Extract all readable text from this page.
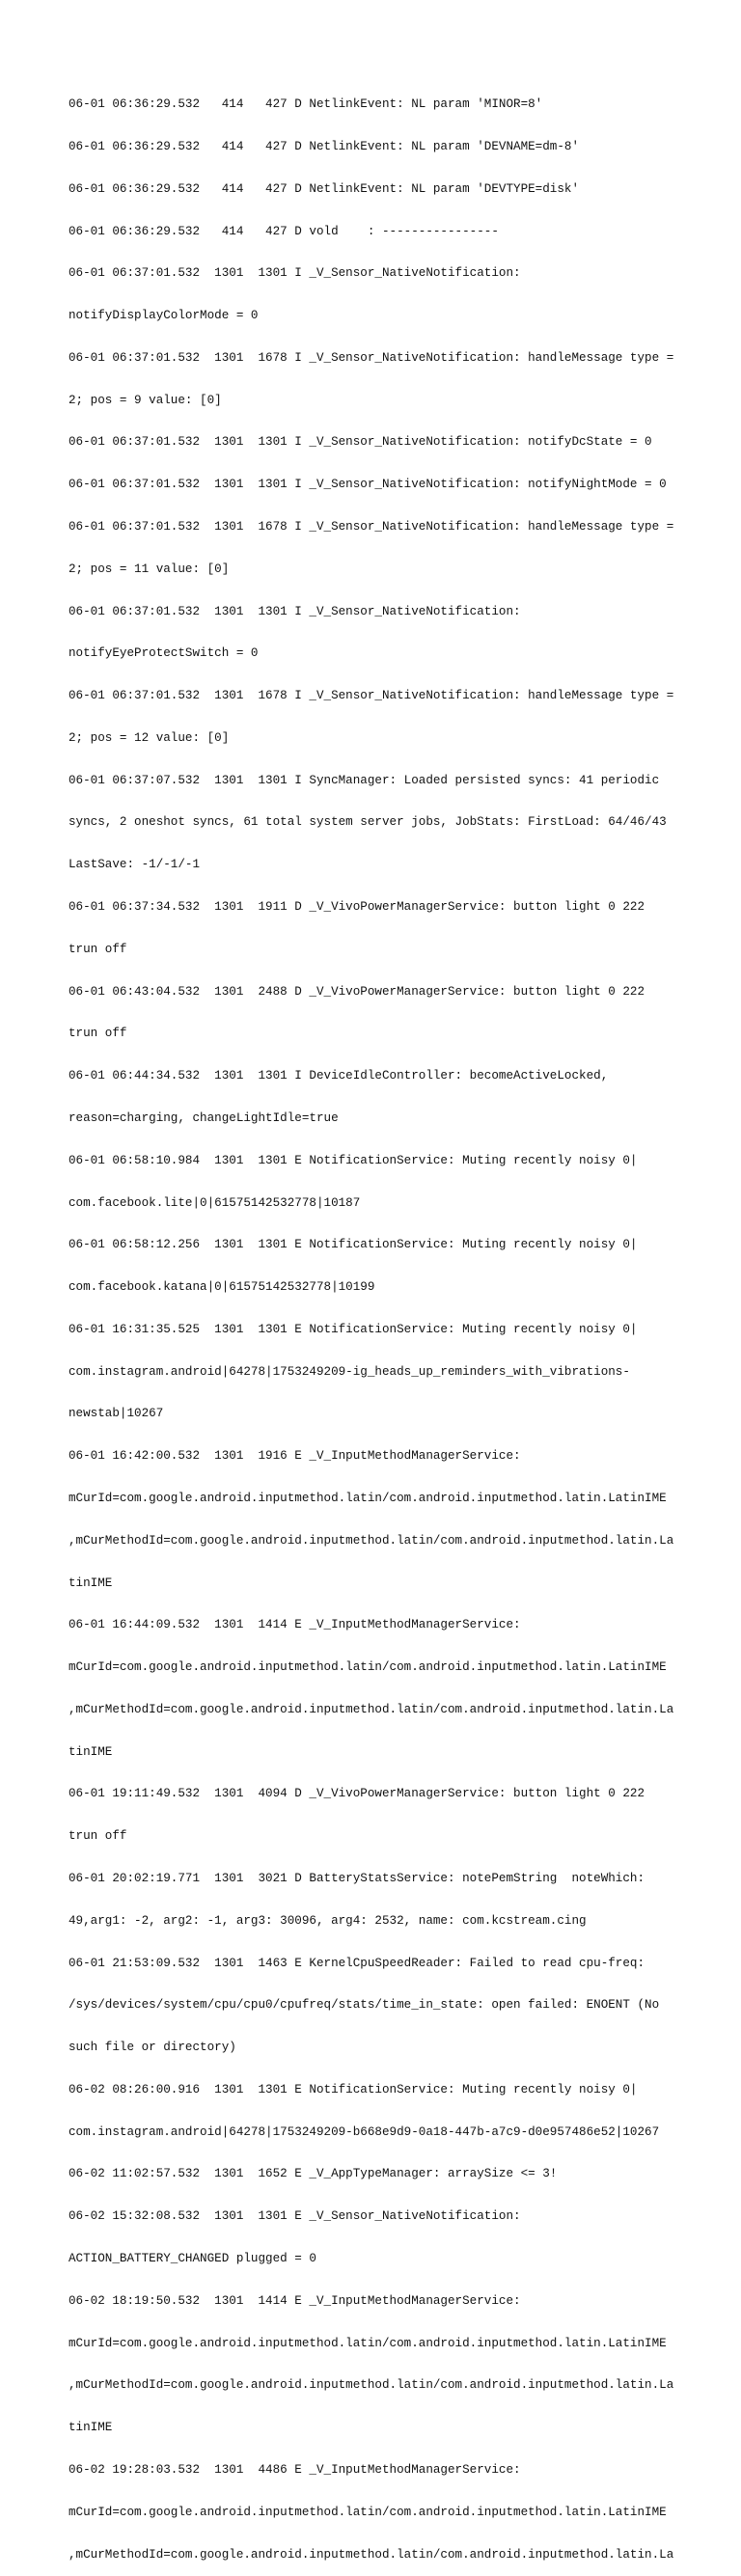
06-01 06:36:29.532   414   427 D NetlinkEvent: NL param 'MINOR=8'

06-01 06:36:29.532   414   427 D NetlinkEvent: NL param 'DEVNAME=dm-8'

06-01 06:36:29.532   414   427 D NetlinkEvent: NL param 'DEVTYPE=disk'

06-01 06:36:29.532   414   427 D vold    : ----------------

06-01 06:37:01.532  1301  1301 I _V_Sensor_NativeNotification:

notifyDisplayColorMode = 0

06-01 06:37:01.532  1301  1678 I _V_Sensor_NativeNotification: handleMessage type =

2; pos = 9 value: [0]

06-01 06:37:01.532  1301  1301 I _V_Sensor_NativeNotification: notifyDcState = 0

06-01 06:37:01.532  1301  1301 I _V_Sensor_NativeNotification: notifyNightMode = 0

06-01 06:37:01.532  1301  1678 I _V_Sensor_NativeNotification: handleMessage type =

2; pos = 11 value: [0]

06-01 06:37:01.532  1301  1301 I _V_Sensor_NativeNotification:

notifyEyeProtectSwitch = 0

06-01 06:37:01.532  1301  1678 I _V_Sensor_NativeNotification: handleMessage type =

2; pos = 12 value: [0]

06-01 06:37:07.532  1301  1301 I SyncManager: Loaded persisted syncs: 41 periodic

syncs, 2 oneshot syncs, 61 total system server jobs, JobStats: FirstLoad: 64/46/43

LastSave: -1/-1/-1

06-01 06:37:34.532  1301  1911 D _V_VivoPowerManagerService: button light 0 222

trun off

06-01 06:43:04.532  1301  2488 D _V_VivoPowerManagerService: button light 0 222

trun off

06-01 06:44:34.532  1301  1301 I DeviceIdleController: becomeActiveLocked,

reason=charging, changeLightIdle=true

06-01 06:58:10.984  1301  1301 E NotificationService: Muting recently noisy 0|

com.facebook.lite|0|61575142532778|10187

06-01 06:58:12.256  1301  1301 E NotificationService: Muting recently noisy 0|

com.facebook.katana|0|61575142532778|10199

06-01 16:31:35.525  1301  1301 E NotificationService: Muting recently noisy 0|

com.instagram.android|64278|1753249209-ig_heads_up_reminders_with_vibrations-

newstab|10267

06-01 16:42:00.532  1301  1916 E _V_InputMethodManagerService:

mCurId=com.google.android.inputmethod.latin/com.android.inputmethod.latin.LatinIME

,mCurMethodId=com.google.android.inputmethod.latin/com.android.inputmethod.latin.La

tinIME

06-01 16:44:09.532  1301  1414 E _V_InputMethodManagerService:

mCurId=com.google.android.inputmethod.latin/com.android.inputmethod.latin.LatinIME

,mCurMethodId=com.google.android.inputmethod.latin/com.android.inputmethod.latin.La

tinIME

06-01 19:11:49.532  1301  4094 D _V_VivoPowerManagerService: button light 0 222

trun off

06-01 20:02:19.771  1301  3021 D BatteryStatsService: notePemString  noteWhich:

49,arg1: -2, arg2: -1, arg3: 30096, arg4: 2532, name: com.kcstream.cing

06-01 21:53:09.532  1301  1463 E KernelCpuSpeedReader: Failed to read cpu-freq:

/sys/devices/system/cpu/cpu0/cpufreq/stats/time_in_state: open failed: ENOENT (No

such file or directory)

06-02 08:26:00.916  1301  1301 E NotificationService: Muting recently noisy 0|

com.instagram.android|64278|1753249209-b668e9d9-0a18-447b-a7c9-d0e957486e52|10267

06-02 11:02:57.532  1301  1652 E _V_AppTypeManager: arraySize <= 3!

06-02 15:32:08.532  1301  1301 E _V_Sensor_NativeNotification:

ACTION_BATTERY_CHANGED plugged = 0

06-02 18:19:50.532  1301  1414 E _V_InputMethodManagerService:

mCurId=com.google.android.inputmethod.latin/com.android.inputmethod.latin.LatinIME

,mCurMethodId=com.google.android.inputmethod.latin/com.android.inputmethod.latin.La

tinIME

06-02 19:28:03.532  1301  4486 E _V_InputMethodManagerService:

mCurId=com.google.android.inputmethod.latin/com.android.inputmethod.latin.LatinIME

,mCurMethodId=com.google.android.inputmethod.latin/com.android.inputmethod.latin.La
